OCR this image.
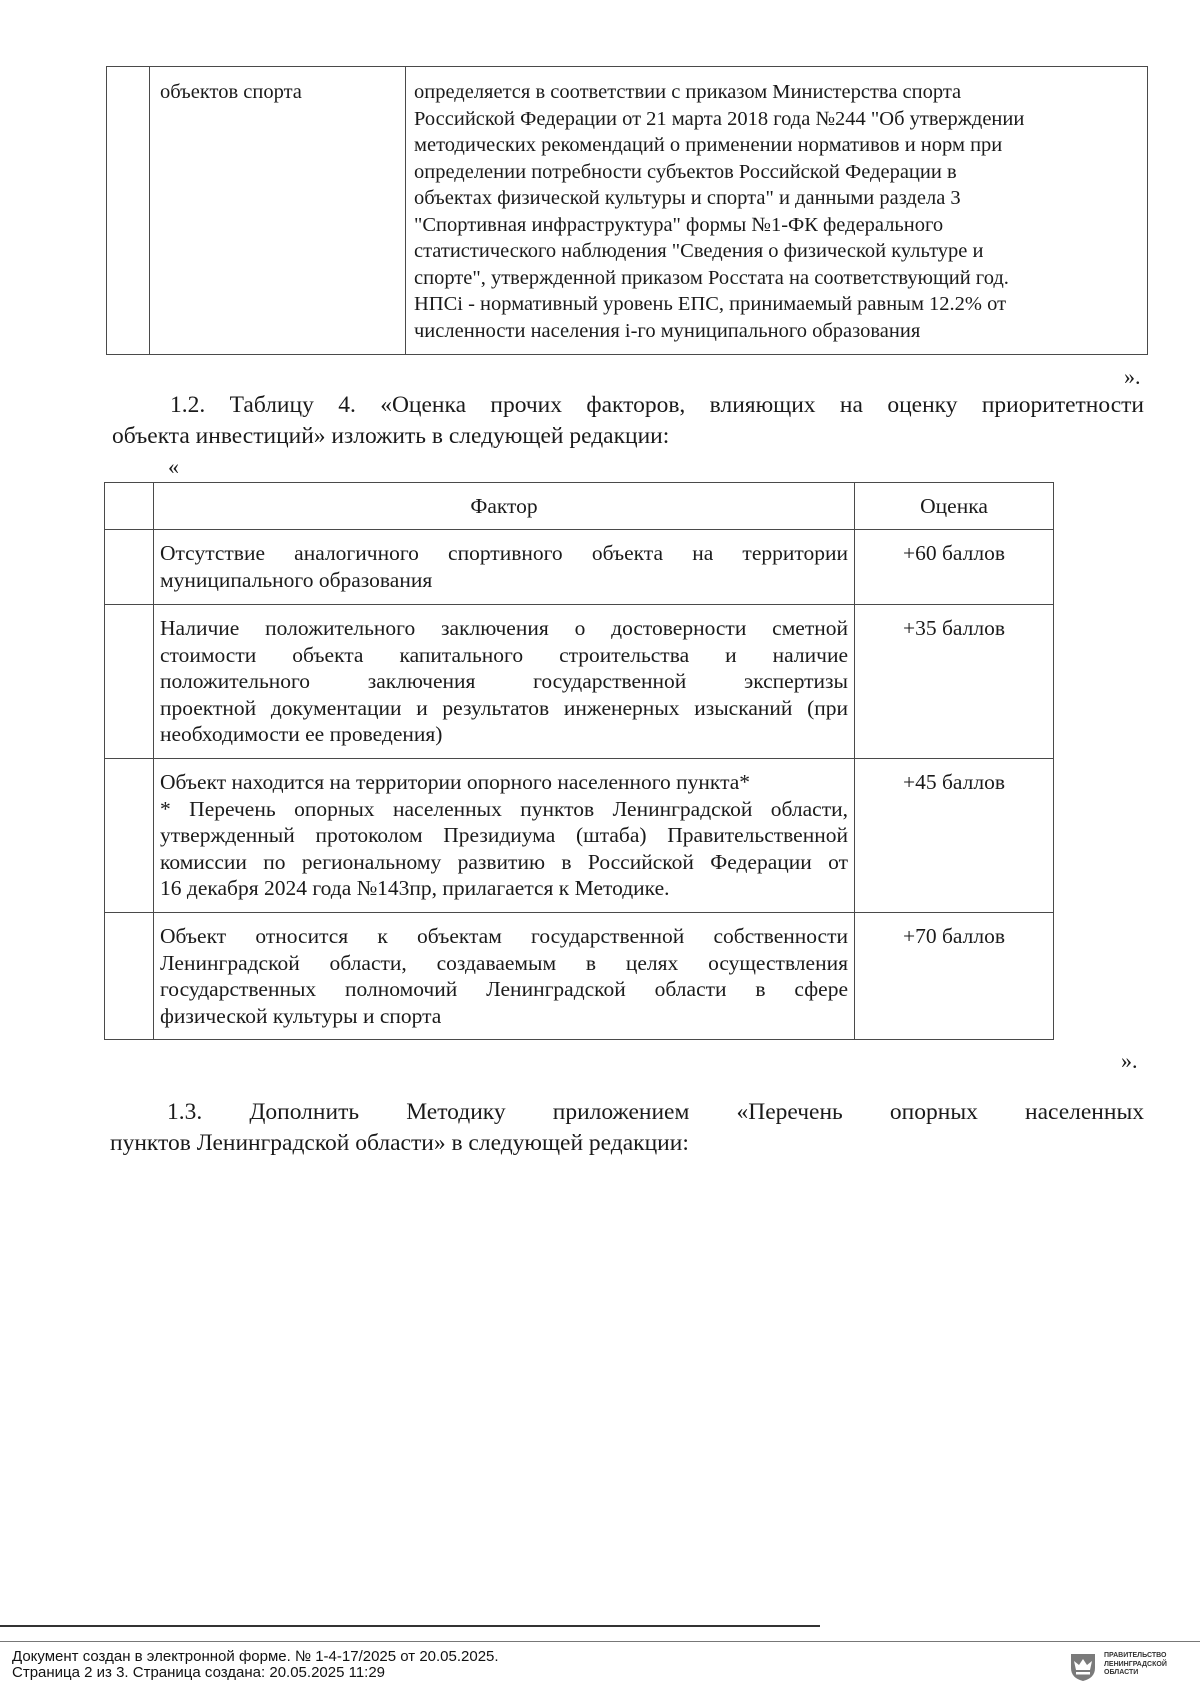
	объектов спорта	определяется в соответствии с приказом Министерства спорта
Российской Федерации от 21 марта 2018 года №244 "Об утверждении
методических рекомендаций о применении нормативов и норм при
определении потребности субъектов Российской Федерации в
объектах физической культуры и спорта" и данными раздела 3
"Спортивная инфраструктура" формы №1-ФК федерального
статистического наблюдения "Сведения о физической культуре и
спорте", утвержденной приказом Росстата на соответствующий год.
НПСi - нормативный уровень ЕПС, принимаемый равным 12.2% от
численности населения i-го муниципального образования
».
1.2. Таблицу 4. «Оценка прочих факторов, влияющих на оценку приоритетности
объекта инвестиций» изложить в следующей редакции:
«
	Фактор	Оценка

	Отсутствие аналогичного спортивного объекта на территории
муниципального образования	+60 баллов

	Наличие положительного заключения о достоверности сметной
стоимости объекта капитального строительства и наличие
положительного заключения государственной экспертизы
проектной документации и результатов инженерных изысканий (при
необходимости ее проведения)	+35 баллов

	Объект находится на территории опорного населенного пункта*
* Перечень опорных населенных пунктов Ленинградской области,
утвержденный протоколом Президиума (штаба) Правительственной
комиссии по региональному развитию в Российской Федерации от
16 декабря 2024 года №143пр, прилагается к Методике.	+45 баллов

	Объект относится к объектам государственной собственности
Ленинградской области, создаваемым в целях осуществления
государственных полномочий Ленинградской области в сфере
физической культуры и спорта	+70 баллов
».
1.3. Дополнить Методику приложением «Перечень опорных населенных
пунктов Ленинградской области» в следующей редакции:
Документ создан в электронной форме. № 1-4-17/2025 от 20.05.2025.
Страница 2 из 3. Страница создана: 20.05.2025 11:29
ПРАВИТЕЛЬСТВО
ЛЕНИНГРАДСКОЙ
ОБЛАСТИ
